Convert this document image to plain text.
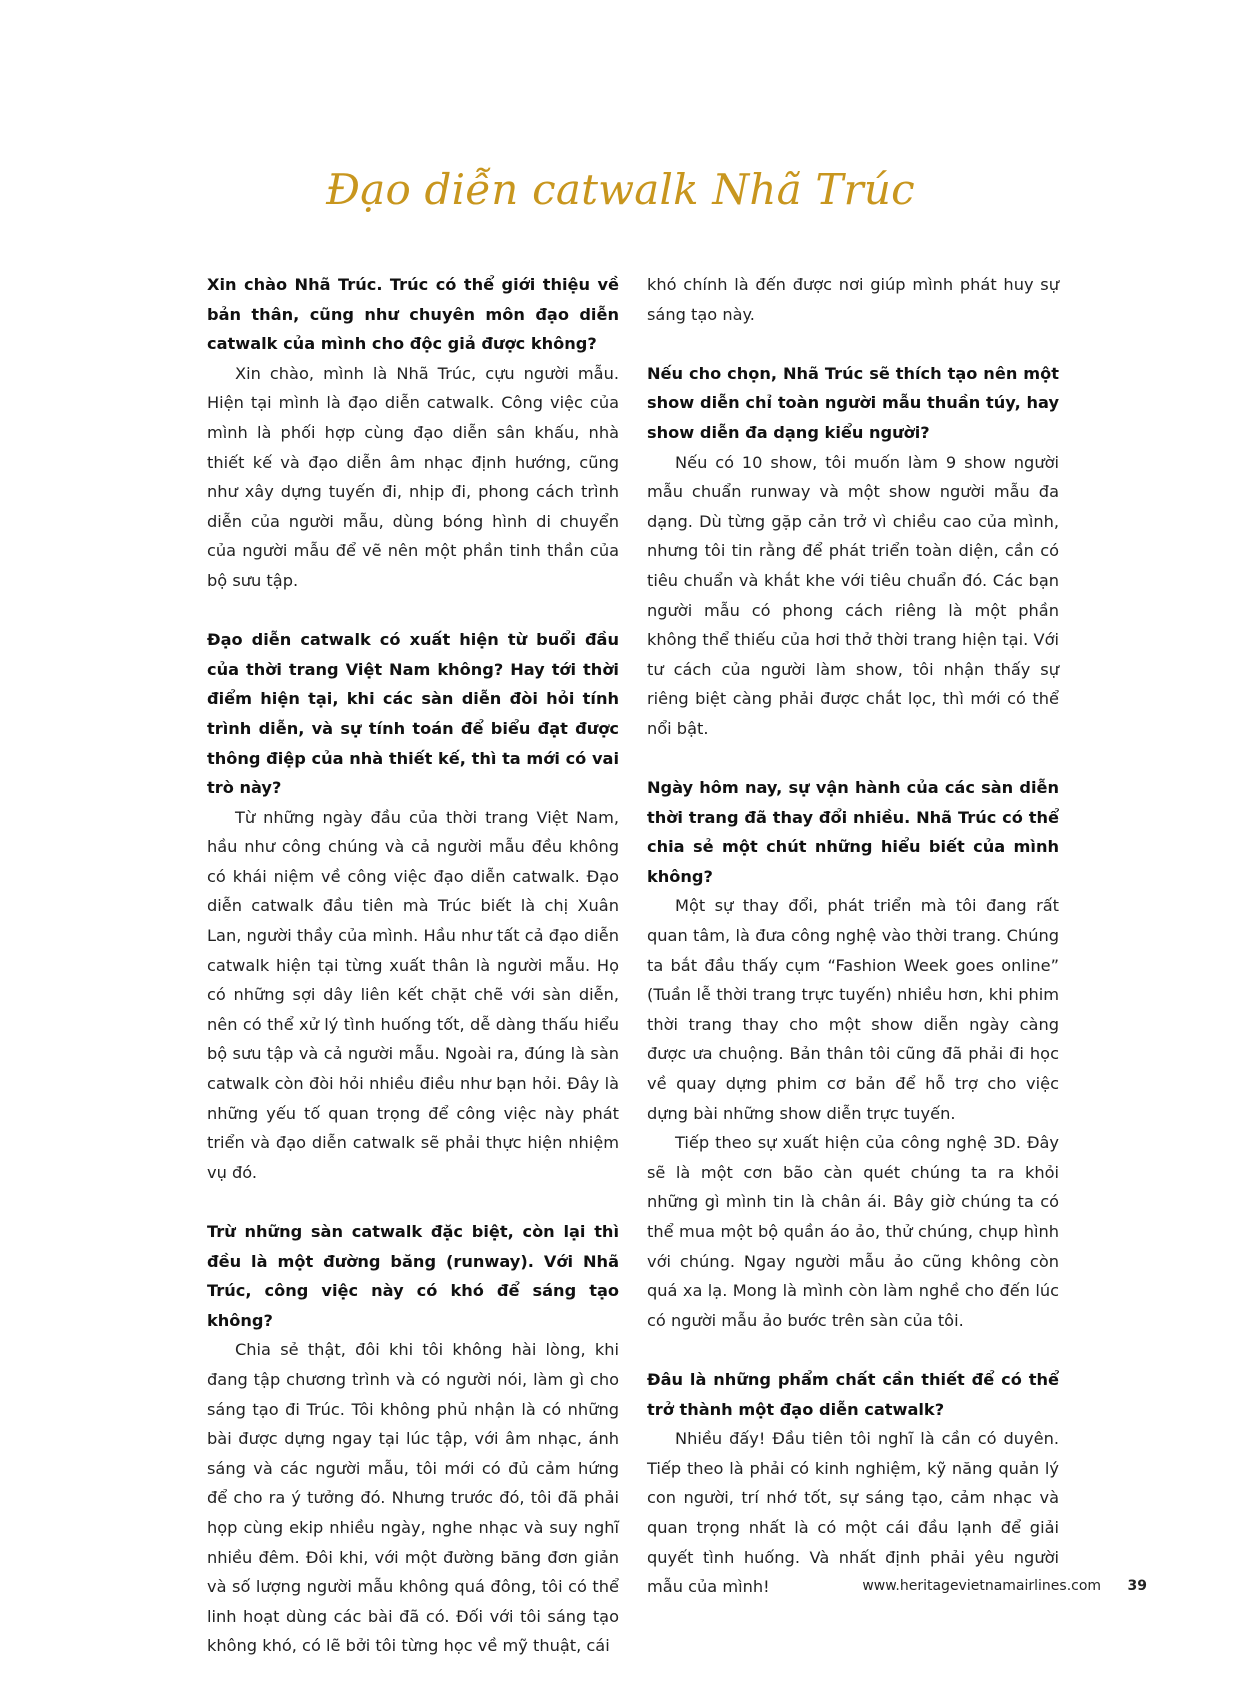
Đạo diễn catwalk Nhã Trúc

Xin chào Nhã Trúc. Trúc có thể giới thiệu về bản thân, cũng như chuyên môn đạo diễn catwalk của mình cho độc giả được không?

Xin chào, mình là Nhã Trúc, cựu người mẫu. Hiện tại mình là đạo diễn catwalk. Công việc của mình là phối hợp cùng đạo diễn sân khấu, nhà thiết kế và đạo diễn âm nhạc định hướng, cũng như xây dựng tuyến đi, nhịp đi, phong cách trình diễn của người mẫu, dùng bóng hình di chuyển của người mẫu để vẽ nên một phần tinh thần của bộ sưu tập.

Đạo diễn catwalk có xuất hiện từ buổi đầu của thời trang Việt Nam không? Hay tới thời điểm hiện tại, khi các sàn diễn đòi hỏi tính trình diễn, và sự tính toán để biểu đạt được thông điệp của nhà thiết kế, thì ta mới có vai trò này?

Từ những ngày đầu của thời trang Việt Nam, hầu như công chúng và cả người mẫu đều không có khái niệm về công việc đạo diễn catwalk. Đạo diễn catwalk đầu tiên mà Trúc biết là chị Xuân Lan, người thầy của mình. Hầu như tất cả đạo diễn catwalk hiện tại từng xuất thân là người mẫu. Họ có những sợi dây liên kết chặt chẽ với sàn diễn, nên có thể xử lý tình huống tốt, dễ dàng thấu hiểu bộ sưu tập và cả người mẫu. Ngoài ra, đúng là sàn catwalk còn đòi hỏi nhiều điều như bạn hỏi. Đây là những yếu tố quan trọng để công việc này phát triển và đạo diễn catwalk sẽ phải thực hiện nhiệm vụ đó.

Trừ những sàn catwalk đặc biệt, còn lại thì đều là một đường băng (runway). Với Nhã Trúc, công việc này có khó để sáng tạo không?

Chia sẻ thật, đôi khi tôi không hài lòng, khi đang tập chương trình và có người nói, làm gì cho sáng tạo đi Trúc. Tôi không phủ nhận là có những bài được dựng ngay tại lúc tập, với âm nhạc, ánh sáng và các người mẫu, tôi mới có đủ cảm hứng để cho ra ý tưởng đó. Nhưng trước đó, tôi đã phải họp cùng ekip nhiều ngày, nghe nhạc và suy nghĩ nhiều đêm. Đôi khi, với một đường băng đơn giản và số lượng người mẫu không quá đông, tôi có thể linh hoạt dùng các bài đã có. Đối với tôi sáng tạo không khó, có lẽ bởi tôi từng học về mỹ thuật, cái

khó chính là đến được nơi giúp mình phát huy sự sáng tạo này.

Nếu cho chọn, Nhã Trúc sẽ thích tạo nên một show diễn chỉ toàn người mẫu thuần túy, hay show diễn đa dạng kiểu người?

Nếu có 10 show, tôi muốn làm 9 show người mẫu chuẩn runway và một show người mẫu đa dạng. Dù từng gặp cản trở vì chiều cao của mình, nhưng tôi tin rằng để phát triển toàn diện, cần có tiêu chuẩn và khắt khe với tiêu chuẩn đó. Các bạn người mẫu có phong cách riêng là một phần không thể thiếu của hơi thở thời trang hiện tại. Với tư cách của người làm show, tôi nhận thấy sự riêng biệt càng phải được chắt lọc, thì mới có thể nổi bật.

Ngày hôm nay, sự vận hành của các sàn diễn thời trang đã thay đổi nhiều. Nhã Trúc có thể chia sẻ một chút những hiểu biết của mình không?

Một sự thay đổi, phát triển mà tôi đang rất quan tâm, là đưa công nghệ vào thời trang. Chúng ta bắt đầu thấy cụm “Fashion Week goes online” (Tuần lễ thời trang trực tuyến) nhiều hơn, khi phim thời trang thay cho một show diễn ngày càng được ưa chuộng. Bản thân tôi cũng đã phải đi học về quay dựng phim cơ bản để hỗ trợ cho việc dựng bài những show diễn trực tuyến.

Tiếp theo sự xuất hiện của công nghệ 3D. Đây sẽ là một cơn bão càn quét chúng ta ra khỏi những gì mình tin là chân ái. Bây giờ chúng ta có thể mua một bộ quần áo ảo, thử chúng, chụp hình với chúng. Ngay người mẫu ảo cũng không còn quá xa lạ. Mong là mình còn làm nghề cho đến lúc có người mẫu ảo bước trên sàn của tôi.

Đâu là những phẩm chất cần thiết để có thể trở thành một đạo diễn catwalk?

Nhiều đấy! Đầu tiên tôi nghĩ là cần có duyên. Tiếp theo là phải có kinh nghiệm, kỹ năng quản lý con người, trí nhớ tốt, sự sáng tạo, cảm nhạc và quan trọng nhất là có một cái đầu lạnh để giải quyết tình huống. Và nhất định phải yêu người mẫu của mình!	www.heritagevietnamairlines.com 39
